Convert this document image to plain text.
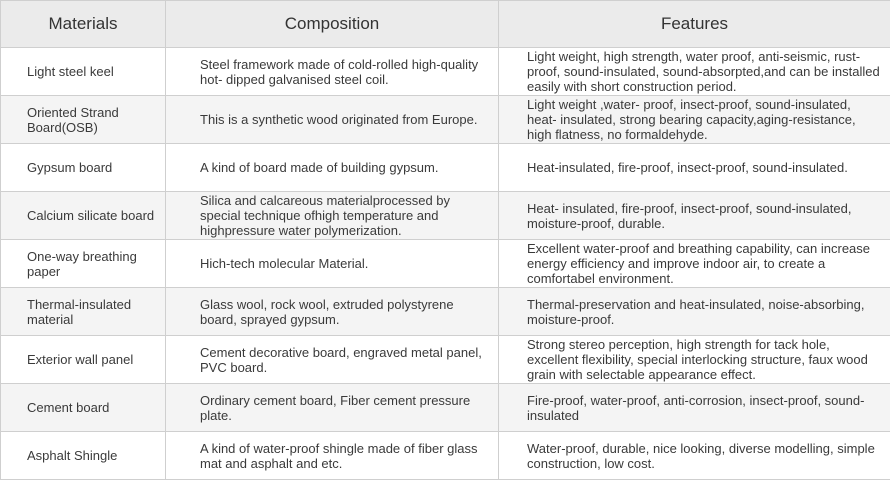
Materials	Composition	Features
Light steel keel	Steel framework made of cold-rolled high-quality hot- dipped galvanised steel coil.	Light weight, high strength, water proof, anti-seismic, rust-proof, sound-insulated, sound-absorpted,and can be installed easily with short construction period.
Oriented Strand Board(OSB)	This is a synthetic wood originated from Europe.	Light weight ,water- proof, insect-proof, sound-insulated, heat- insulated, strong bearing capacity,aging-resistance, high flatness, no formaldehyde.
Gypsum board	A kind of board made of building gypsum.	Heat-insulated, fire-proof, insect-proof, sound-insulated.
Calcium silicate board	Silica and calcareous materialprocessed by special technique ofhigh temperature and highpressure water polymerization.	Heat- insulated, fire-proof, insect-proof, sound-insulated, moisture-proof, durable.
One-way breathing paper	Hich-tech molecular Material.	Excellent water-proof and breathing capability, can increase energy efficiency and improve indoor air, to create a comfortabel environment.
Thermal-insulated material	Glass wool, rock wool, extruded polystyrene board, sprayed gypsum.	Thermal-preservation and heat-insulated, noise-absorbing, moisture-proof.
Exterior wall panel	Cement decorative board, engraved metal panel, PVC board.	Strong stereo perception, high strength for tack hole, excellent flexibility, special interlocking structure, faux wood grain with selectable appearance effect.
Cement board	Ordinary cement board, Fiber cement pressure plate.	Fire-proof, water-proof, anti-corrosion, insect-proof, sound-insulated
Asphalt Shingle	A kind of water-proof shingle made of fiber glass mat and asphalt and etc.	Water-proof, durable, nice looking, diverse modelling, simple construction, low cost.
